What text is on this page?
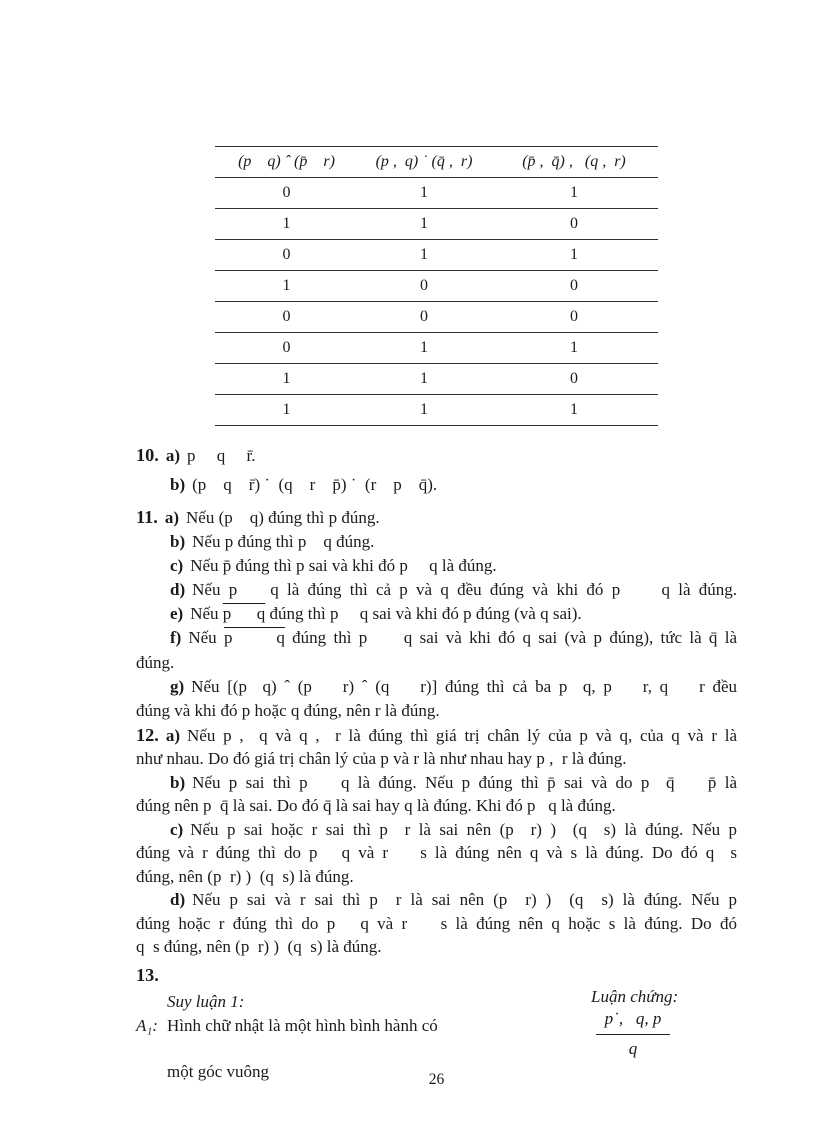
(p    q) ˆ (p̄    r)	(p ,  q) ˙ (q̄ ,  r)	(p̄ ,  q̄) ,   (q ,  r)
0	1	1
1	1	0
0	1	1
1	0	0
0	0	0
0	1	1
1	1	0
1	1	1
10. a) p     q     r̄.
b) (p    q    r̄) ˙  (q    r    p̄) ˙  (r    p    q̄).
11. a) Nếu (p    q) đúng thì p đúng.
b) Nếu p đúng thì p    q đúng.
c) Nếu p̄ đúng thì p sai và khi đó p     q là đúng.
d) Nếu p    q là đúng thì cả p và q đều đúng và khi đó p     q là đúng.
e) Nếu p      q đúng thì p     q sai và khi đó p đúng (và q sai).
f) Nếu p      q đúng thì p     q sai và khi đó q sai (và p đúng), tức là q̄ là
đúng.
g) Nếu [(p  q) ˆ (p    r) ˆ (q    r)] đúng thì cả ba p  q, p    r, q    r đều
đúng và khi đó p hoặc q đúng, nên r là đúng.
12. a) Nếu p ,  q và q ,  r là đúng thì giá trị chân lý của p và q, của q và r là
như nhau. Do đó giá trị chân lý của p và r là như nhau hay p ,  r là đúng.
b) Nếu p sai thì p    q là đúng. Nếu p đúng thì p̄ sai và do p  q̄    p̄ là
đúng nên p  q̄ là sai. Do đó q̄ là sai hay q là đúng. Khi đó p   q là đúng.
c) Nếu p sai hoặc r sai thì p  r là sai nên (p  r) )  (q  s) là đúng. Nếu p
đúng và r đúng thì do p   q và r    s là đúng nên q và s là đúng. Do đó q  s
đúng, nên (p  r) )  (q  s) là đúng.
d) Nếu p sai và r sai thì p  r là sai nên (p  r) )  (q  s) là đúng. Nếu p
đúng hoặc r đúng thì do p   q và r    s là đúng nên q hoặc s là đúng. Do đó
q  s đúng, nên (p  r) )  (q  s) là đúng.
13.
Suy luận 1:	Luận chứng:
A₁: Hình chữ nhật là một hình bình hành có
một góc vuông
$\frac{p˙, q, p}{q}$
26
